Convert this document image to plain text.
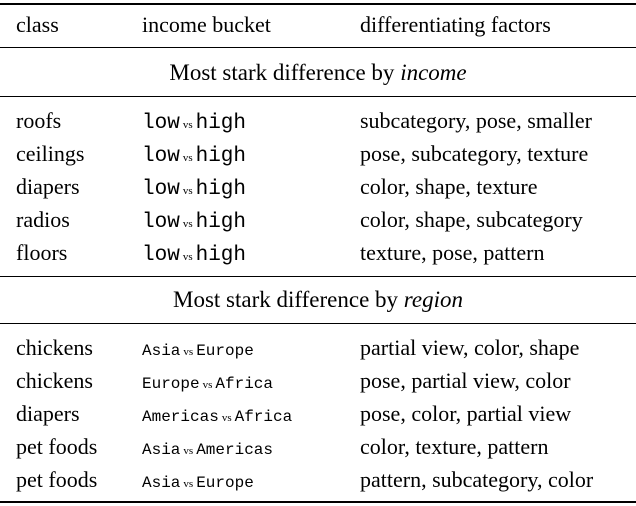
class	income bucket	differentiating factors
Most stark difference by income
roofs	low vs high	subcategory, pose, smaller
ceilings	low vs high	pose, subcategory, texture
diapers	low vs high	color, shape, texture
radios	low vs high	color, shape, subcategory
floors	low vs high	texture, pose, pattern
Most stark difference by region
chickens	Asia vs Europe	partial view, color, shape
chickens	Europe vs Africa	pose, partial view, color
diapers	Americas vs Africa	pose, color, partial view
pet foods	Asia vs Americas	color, texture, pattern
pet foods	Asia vs Europe	pattern, subcategory, color
